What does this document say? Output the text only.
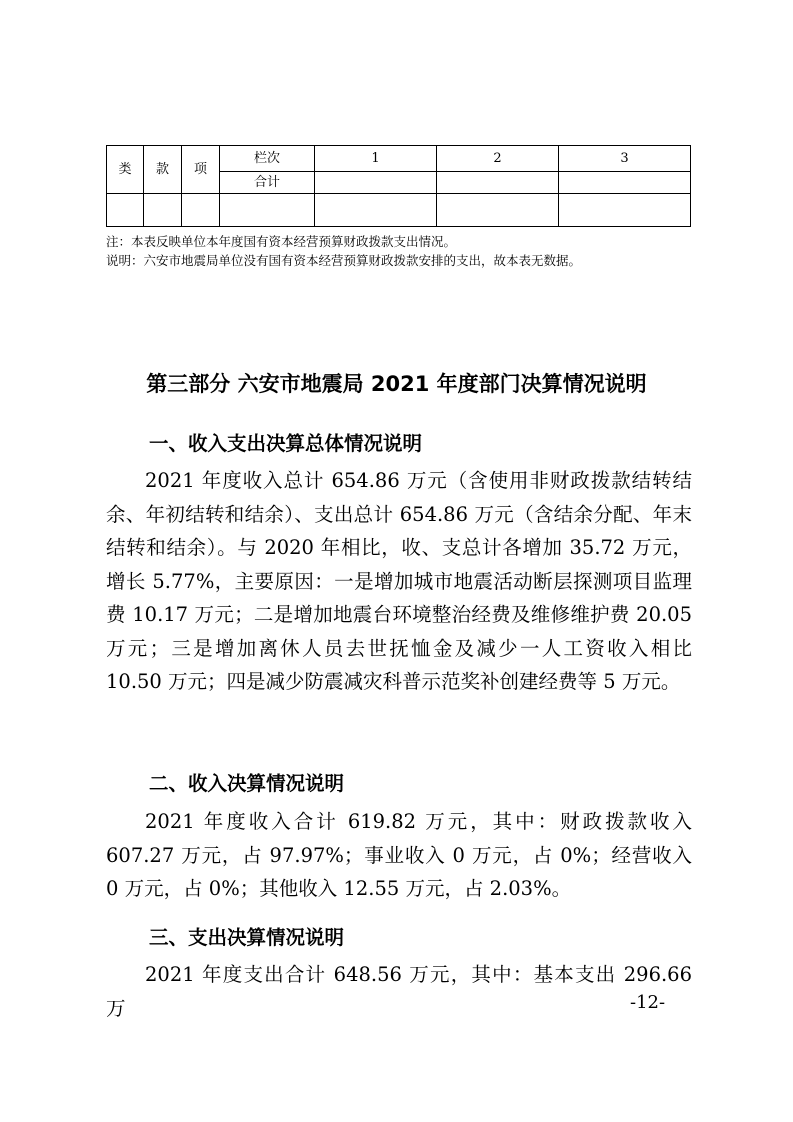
类	款	项	栏次	1	2	3
			合计			

注：本表反映单位本年度国有资本经营预算财政拨款支出情况。
说明：六安市地震局单位没有国有资本经营预算财政拨款安排的支出，故本表无数据。
第三部分 六安市地震局 2021 年度部门决算情况说明
一、收入支出决算总体情况说明

2021 年度收入总计 654.86 万元（含使用非财政拨款结转结余、年初结转和结余）、支出总计 654.86 万元（含结余分配、年末结转和结余）。与 2020 年相比，收、支总计各增加 35.72 万元，增长 5.77%，主要原因：一是增加城市地震活动断层探测项目监理费 10.17 万元；二是增加地震台环境整治经费及维修维护费 20.05 万元；三是增加离休人员去世抚恤金及减少一人工资收入相比 10.50 万元；四是减少防震减灾科普示范奖补创建经费等 5 万元。

二、收入决算情况说明

2021 年度收入合计 619.82 万元，其中：财政拨款收入 607.27 万元，占 97.97%；事业收入 0 万元，占 0%；经营收入 0 万元，占 0%；其他收入 12.55 万元，占 2.03%。

三、支出决算情况说明

2021 年度支出合计 648.56 万元，其中：基本支出 296.66 万	-12-
